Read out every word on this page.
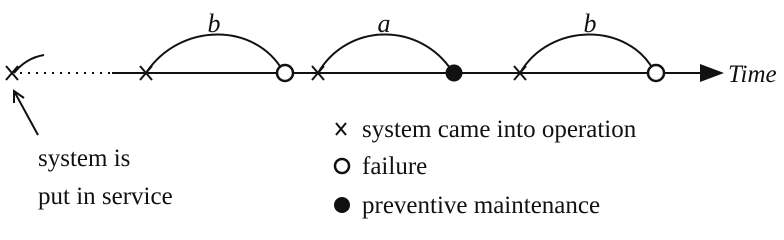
Time
b	a	b
system is
put in service
system came into operation
failure
preventive maintenance
